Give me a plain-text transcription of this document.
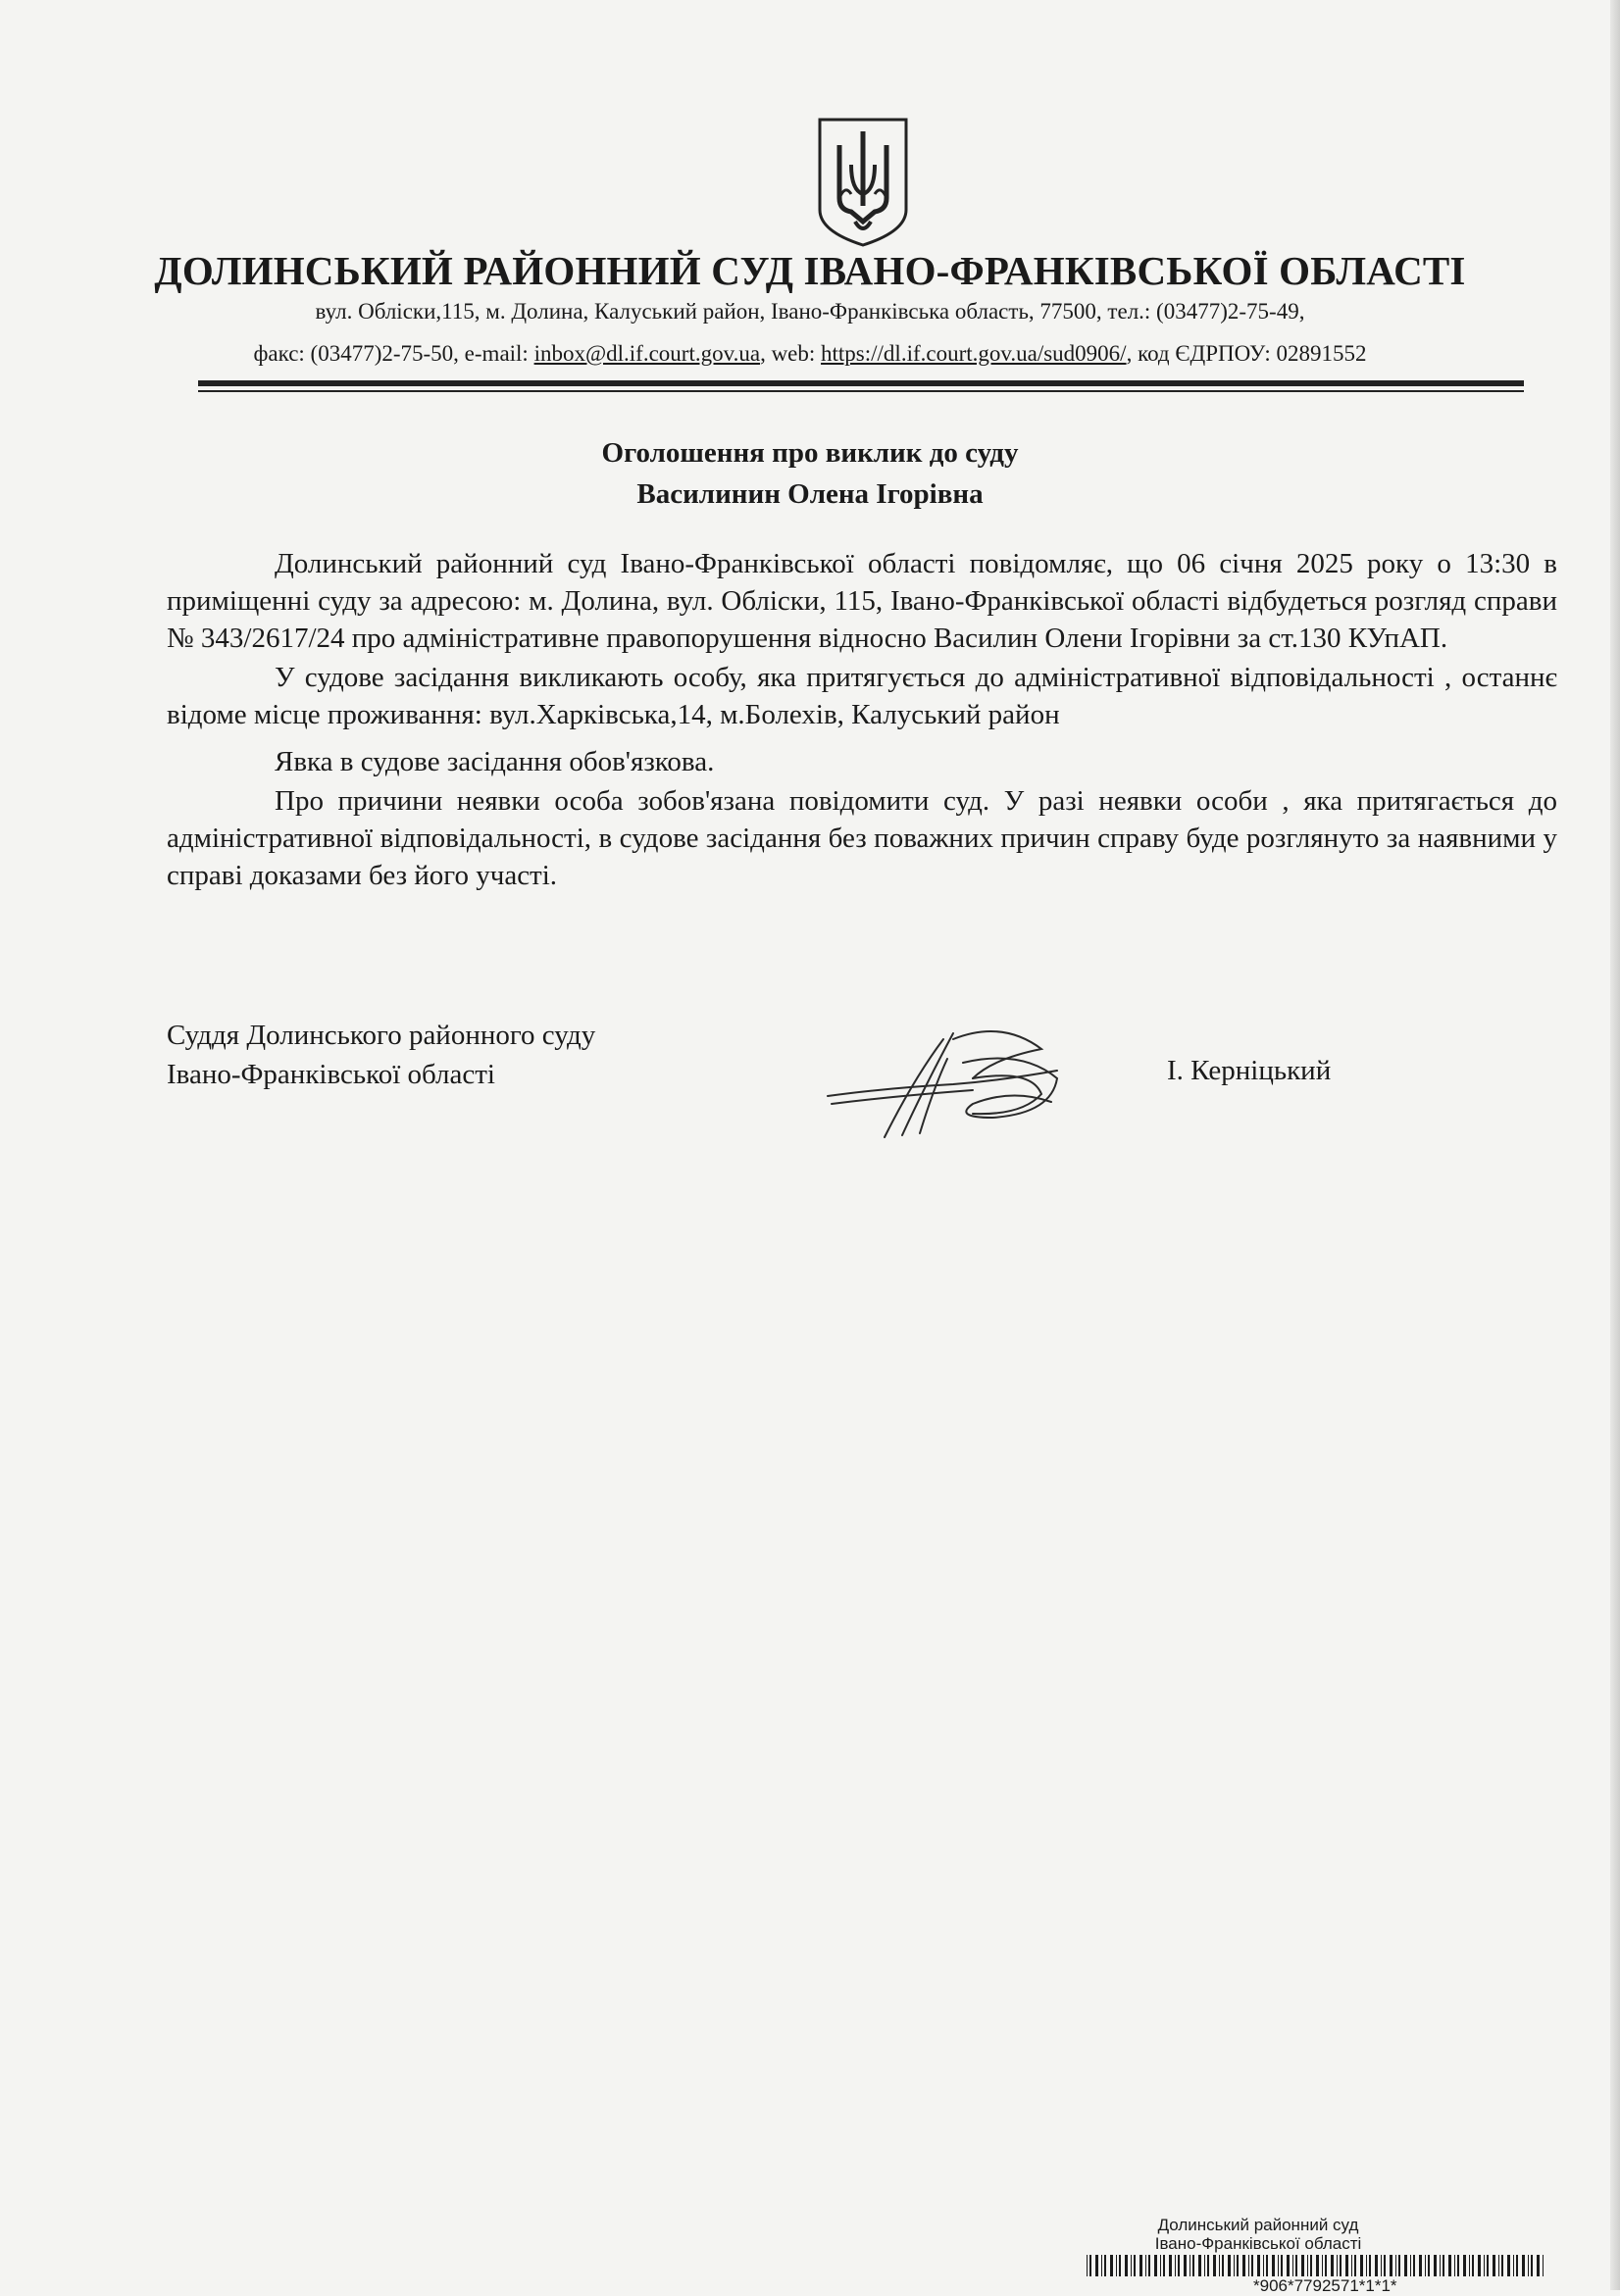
ДОЛИНСЬКИЙ РАЙОННИЙ СУД ІВАНО-ФРАНКІВСЬКОЇ ОБЛАСТІ
вул. Обліски,115, м. Долина, Калуський район, Івано-Франківська область, 77500, тел.: (03477)2-75-49,
факс: (03477)2-75-50, e-mail: inbox@dl.if.court.gov.ua, web: https://dl.if.court.gov.ua/sud0906/, код ЄДРПОУ: 02891552
Оголошення про виклик до суду
Василинин Олена Ігорівна

Долинський районний суд Івано-Франківської області повідомляє, що 06 січня 2025 року о 13:30 в приміщенні суду за адресою: м. Долина, вул. Обліски, 115, Івано-Франківської області відбудеться розгляд справи № 343/2617/24 про адміністративне правопорушення відносно Василин Олени Ігорівни за ст.130 КУпАП.

У судове засідання викликають особу, яка притягується до адміністративної відповідальності , останнє відоме місце проживання: вул.Харківська,14, м.Болехів, Калуський район

Явка в судове засідання обов'язкова.

Про причини неявки особа зобов'язана повідомити суд. У разі неявки особи , яка притягається до адміністративної відповідальності, в судове засідання без поважних причин справу буде розглянуто за наявними у справі доказами без його участі.

Суддя Долинського районного суду
Івано-Франківської області	І. Керніцький
Долинський районний суд
Івано-Франківської області
*906*7792571*1*1*
